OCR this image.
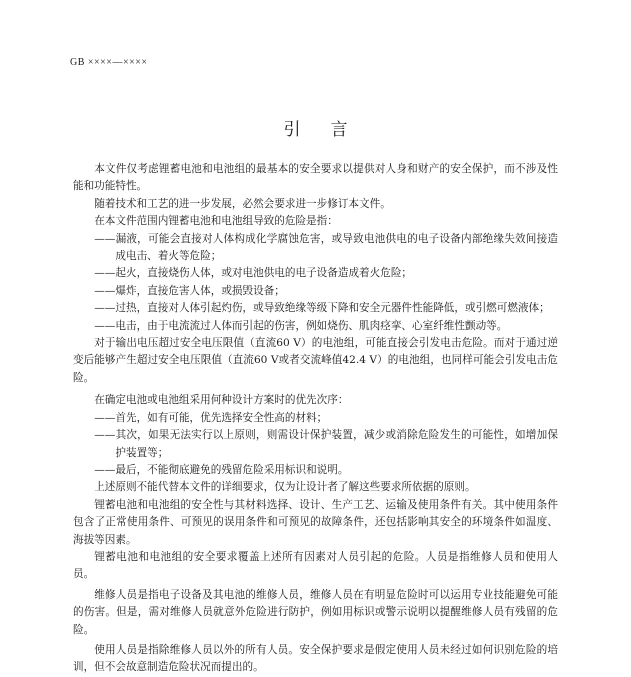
GB ××××—××××
引言

本文件仅考虑锂蓄电池和电池组的最基本的安全要求以提供对人身和财产的安全保护，而不涉及性能和功能特性。

随着技术和工艺的进一步发展，必然会要求进一步修订本文件。

在本文件范围内锂蓄电池和电池组导致的危险是指：

——漏液，可能会直接对人体构成化学腐蚀危害，或导致电池供电的电子设备内部绝缘失效间接造成电击、着火等危险；

——起火，直接烧伤人体，或对电池供电的电子设备造成着火危险；

——爆炸，直接危害人体，或损毁设备；

——过热，直接对人体引起灼伤，或导致绝缘等级下降和安全元器件性能降低，或引燃可燃液体；

——电击，由于电流流过人体而引起的伤害，例如烧伤、肌肉痉挛、心室纤维性颤动等。

对于输出电压超过安全电压限值（直流60 V）的电池组，可能直接会引发电击危险。而对于通过逆变后能够产生超过安全电压限值（直流60 V或者交流峰值42.4 V）的电池组，也同样可能会引发电击危险。

在确定电池或电池组采用何种设计方案时的优先次序：

——首先，如有可能，优先选择安全性高的材料；

——其次，如果无法实行以上原则，则需设计保护装置，减少或消除危险发生的可能性，如增加保护装置等；

——最后，不能彻底避免的残留危险采用标识和说明。

上述原则不能代替本文件的详细要求，仅为让设计者了解这些要求所依据的原则。

锂蓄电池和电池组的安全性与其材料选择、设计、生产工艺、运输及使用条件有关。其中使用条件包含了正常使用条件、可预见的误用条件和可预见的故障条件，还包括影响其安全的环境条件如温度、海拔等因素。

锂蓄电池和电池组的安全要求覆盖上述所有因素对人员引起的危险。人员是指维修人员和使用人员。

维修人员是指电子设备及其电池的维修人员，维修人员在有明显危险时可以运用专业技能避免可能的伤害。但是，需对维修人员就意外危险进行防护，例如用标识或警示说明以提醒维修人员有残留的危险。

使用人员是指除维修人员以外的所有人员。安全保护要求是假定使用人员未经过如何识别危险的培训，但不会故意制造危险状况而提出的。
